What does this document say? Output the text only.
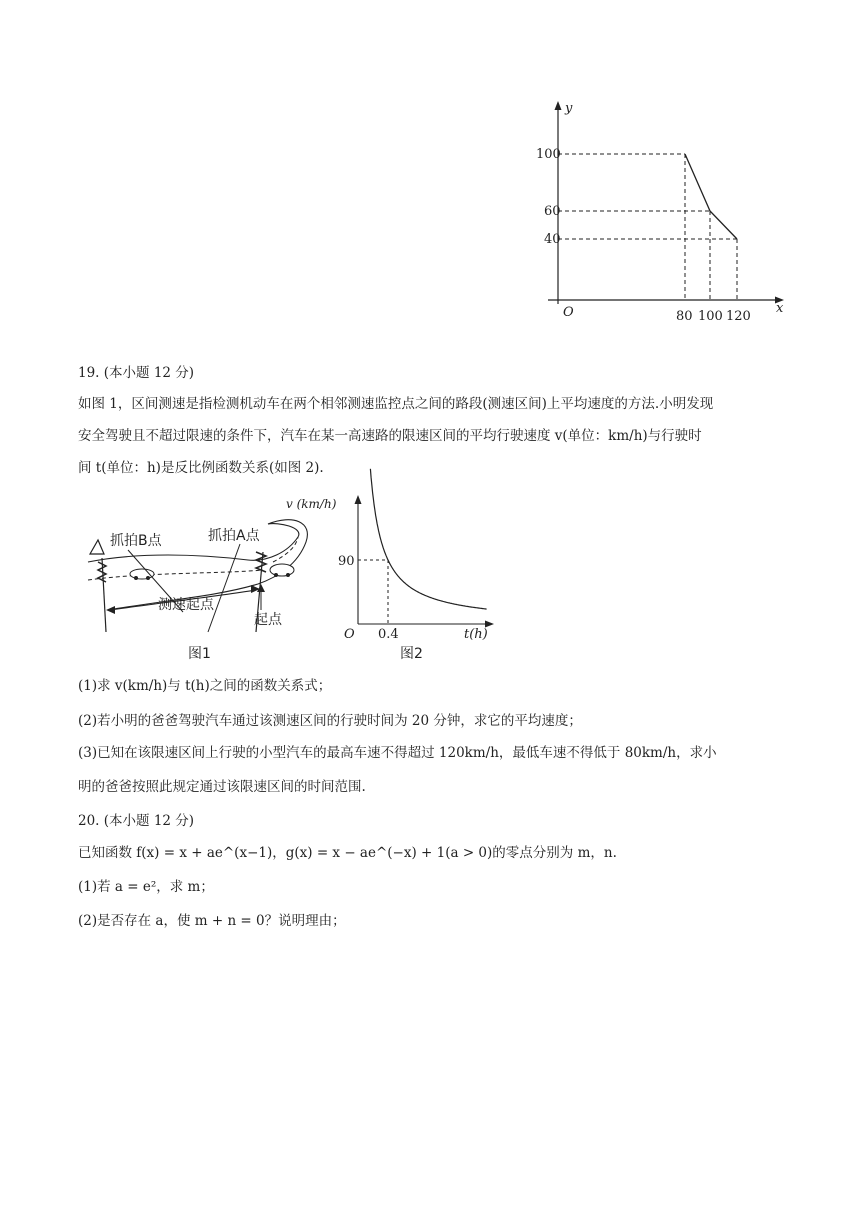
y
x
O
100
60
40
80 100 120
19. (本小题 12 分)
如图 1，区间测速是指检测机动车在两个相邻测速监控点之间的路段(测速区间)上平均速度的方法.小明发现
安全驾驶且不超过限速的条件下，汽车在某一高速路的限速区间的平均行驶速度 v(单位：km/h)与行驶时
间 t(单位：h)是反比例函数关系(如图 2).
抓拍B点	抓拍A点
测速起点
起点
图1
v (km/h)
90
O 0.4	t(h)
图2
(1)求 v(km/h)与 t(h)之间的函数关系式；
(2)若小明的爸爸驾驶汽车通过该测速区间的行驶时间为 20 分钟，求它的平均速度；
(3)已知在该限速区间上行驶的小型汽车的最高车速不得超过 120km/h，最低车速不得低于 80km/h，求小
明的爸爸按照此规定通过该限速区间的时间范围.
20. (本小题 12 分)
已知函数 f(x) = x + ae^(x−1)，g(x) = x − ae^(−x) + 1(a > 0)的零点分别为 m，n.
(1)若 a = e²，求 m；
(2)是否存在 a，使 m + n = 0？说明理由；
